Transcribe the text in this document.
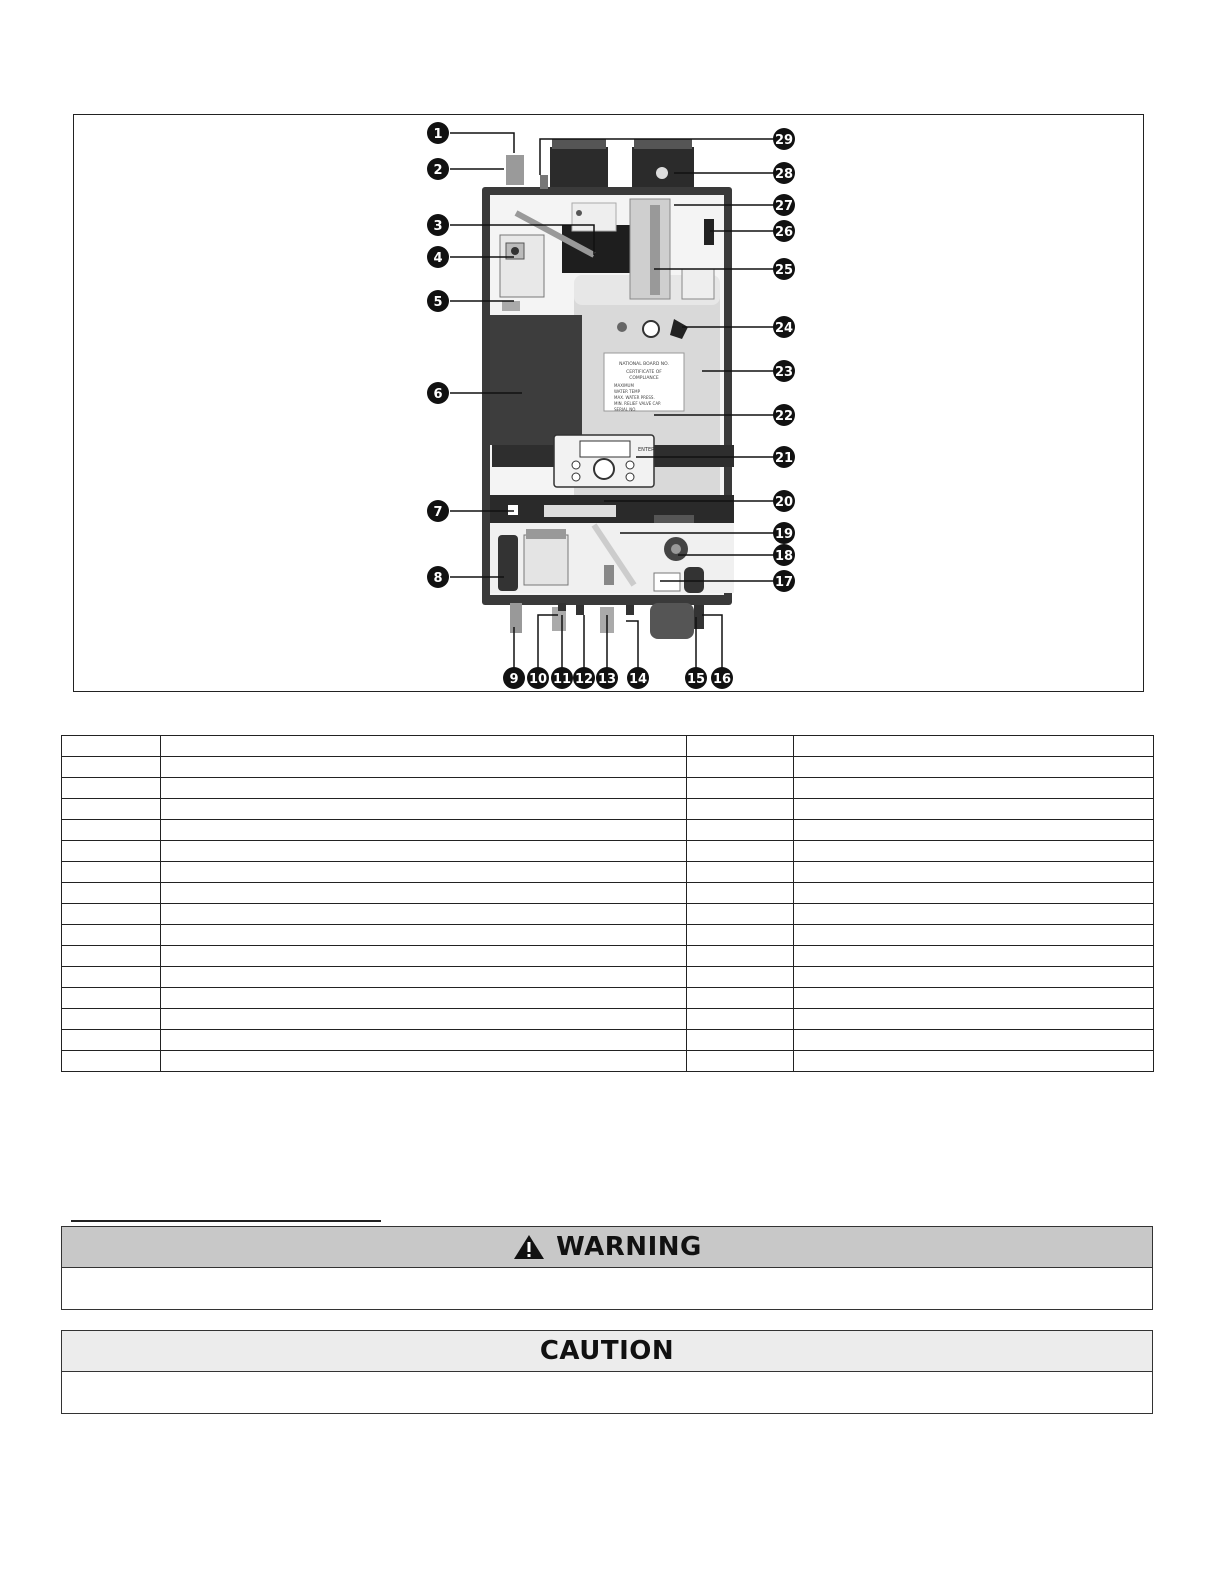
NATIONAL BOARD NO.
CERTIFICATE OF
COMPLIANCE
MAXIMUM
WATER TEMP
MAX. WATER PRESS.
MIN. RELIEF VALVE CAP.
SERIAL NO.
ENTER
1
2
3
4
5
6
7
8
9 10 11 12 13 14	15 16
17
18
19
20
21
22
23
24
25
26
27
28
29

WARNING
CAUTION
